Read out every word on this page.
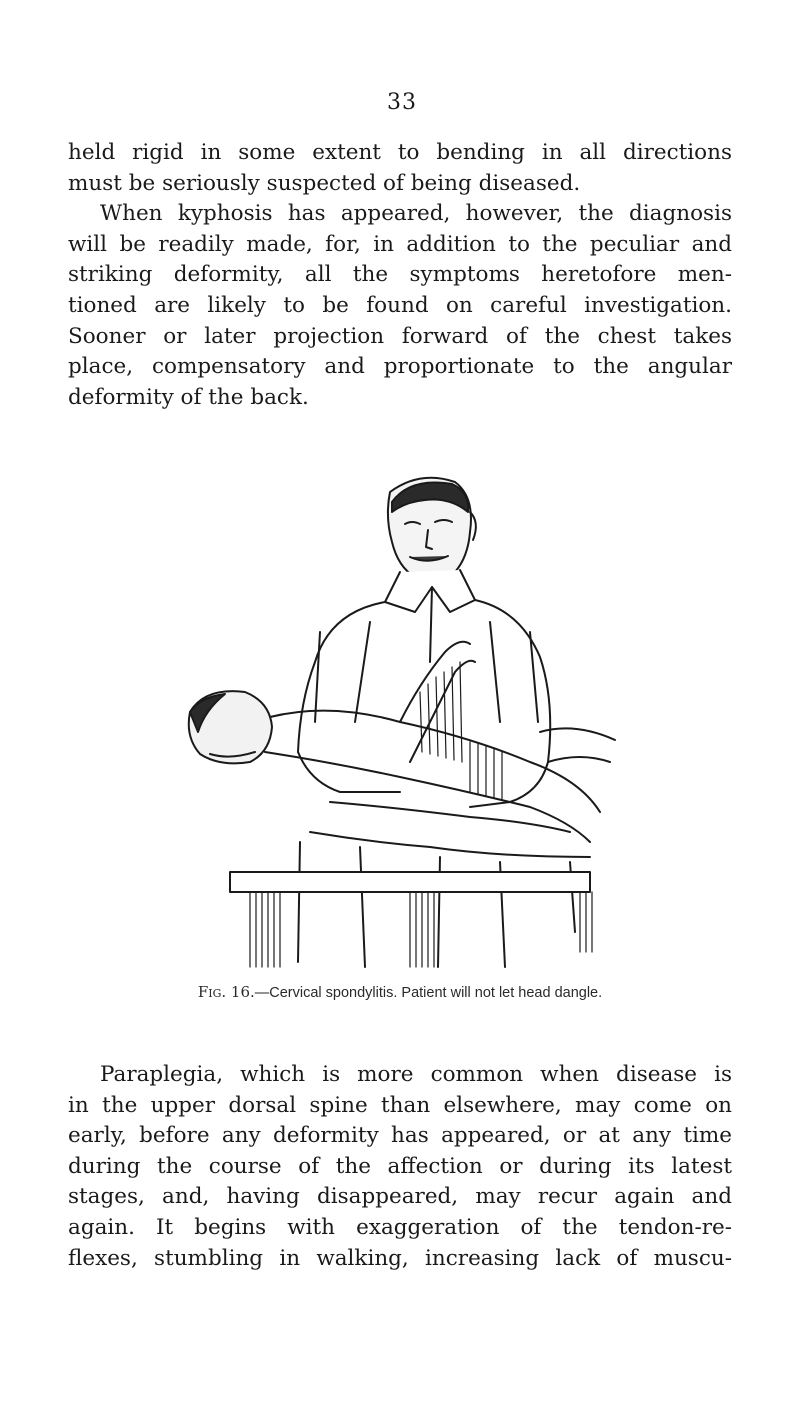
33
held rigid in some extent to bending in all directions
must be seriously suspected of being diseased.
When kyphosis has appeared, however, the diagnosis
will be readily made, for, in addition to the peculiar and
striking deformity, all the symptoms heretofore men-
tioned are likely to be found on careful investigation.
Sooner or later projection forward of the chest takes
place, compensatory and proportionate to the angular
deformity of the back.
Fig. 16.—Cervical spondylitis. Patient will not let head dangle.
Paraplegia, which is more common when disease is
in the upper dorsal spine than elsewhere, may come on
early, before any deformity has appeared, or at any time
during the course of the affection or during its latest
stages, and, having disappeared, may recur again and
again. It begins with exaggeration of the tendon-re-
flexes, stumbling in walking, increasing lack of muscu-
